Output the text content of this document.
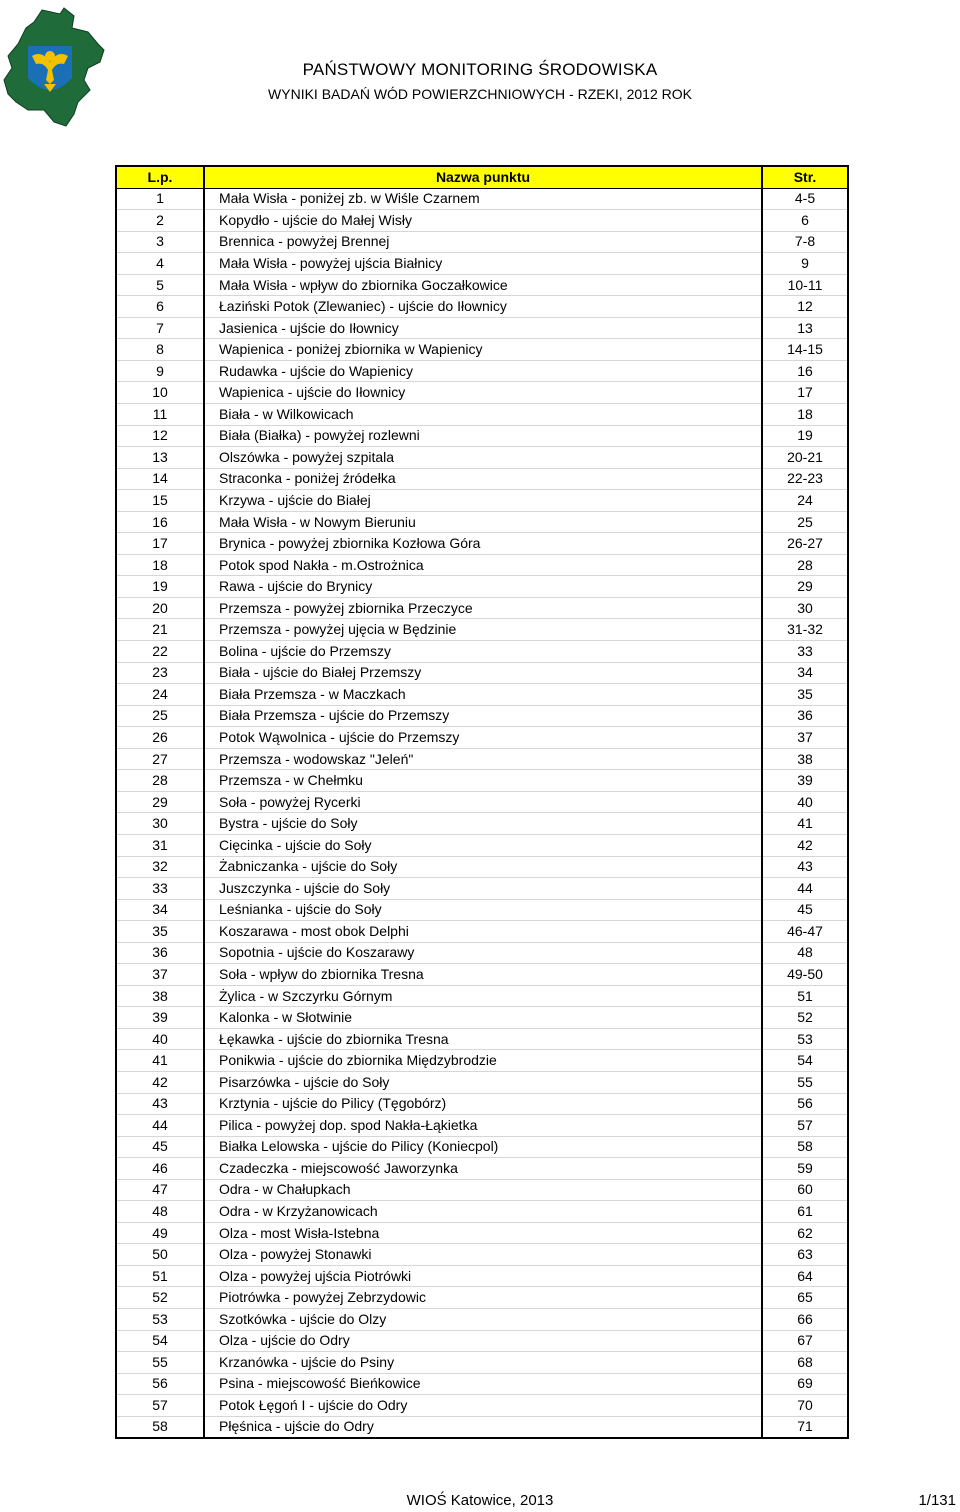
PAŃSTWOWY MONITORING ŚRODOWISKA
WYNIKI BADAŃ WÓD POWIERZCHNIOWYCH - RZEKI, 2012 ROK
L.p.	Nazwa punktu	Str.
1	Mała Wisła - poniżej zb. w Wiśle Czarnem	4-5
2	Kopydło - ujście do Małej Wisły	6
3	Brennica - powyżej Brennej	7-8
4	Mała Wisła - powyżej ujścia Białnicy	9
5	Mała Wisła - wpływ do zbiornika Goczałkowice	10-11
6	Łaziński Potok (Zlewaniec) - ujście do Iłownicy	12
7	Jasienica - ujście do Iłownicy	13
8	Wapienica - poniżej zbiornika w Wapienicy	14-15
9	Rudawka - ujście do Wapienicy	16
10	Wapienica - ujście do Iłownicy	17
11	Biała - w Wilkowicach	18
12	Biała (Białka) - powyżej rozlewni	19
13	Olszówka - powyżej szpitala	20-21
14	Straconka - poniżej źródełka	22-23
15	Krzywa - ujście do Białej	24
16	Mała Wisła - w Nowym Bieruniu	25
17	Brynica - powyżej zbiornika Kozłowa Góra	26-27
18	Potok spod Nakła - m.Ostrożnica	28
19	Rawa - ujście do Brynicy	29
20	Przemsza - powyżej zbiornika Przeczyce	30
21	Przemsza - powyżej ujęcia w Będzinie	31-32
22	Bolina - ujście do Przemszy	33
23	Biała - ujście do Białej Przemszy	34
24	Biała Przemsza - w Maczkach	35
25	Biała Przemsza - ujście do Przemszy	36
26	Potok Wąwolnica - ujście do Przemszy	37
27	Przemsza - wodowskaz "Jeleń"	38
28	Przemsza - w Chełmku	39
29	Soła - powyżej Rycerki	40
30	Bystra - ujście do Soły	41
31	Cięcinka - ujście do Soły	42
32	Żabniczanka - ujście do Soły	43
33	Juszczynka - ujście do Soły	44
34	Leśnianka - ujście do Soły	45
35	Koszarawa - most obok Delphi	46-47
36	Sopotnia - ujście do Koszarawy	48
37	Soła - wpływ do zbiornika Tresna	49-50
38	Żylica - w Szczyrku Górnym	51
39	Kalonka - w Słotwinie	52
40	Łękawka - ujście do zbiornika Tresna	53
41	Ponikwia - ujście do zbiornika Międzybrodzie	54
42	Pisarzówka - ujście do Soły	55
43	Krztynia - ujście do Pilicy (Tęgobórz)	56
44	Pilica - powyżej dop. spod Nakła-Łąkietka	57
45	Białka Lelowska - ujście do Pilicy (Koniecpol)	58
46	Czadeczka - miejscowość Jaworzynka	59
47	Odra - w Chałupkach	60
48	Odra - w Krzyżanowicach	61
49	Olza - most Wisła-Istebna	62
50	Olza - powyżej Stonawki	63
51	Olza - powyżej ujścia Piotrówki	64
52	Piotrówka - powyżej Zebrzydowic	65
53	Szotkówka - ujście do Olzy	66
54	Olza - ujście do Odry	67
55	Krzanówka - ujście do Psiny	68
56	Psina - miejscowość Bieńkowice	69
57	Potok Łęgoń I - ujście do Odry	70
58	Płęśnica - ujście do Odry	71
WIOŚ Katowice, 2013	1/131
